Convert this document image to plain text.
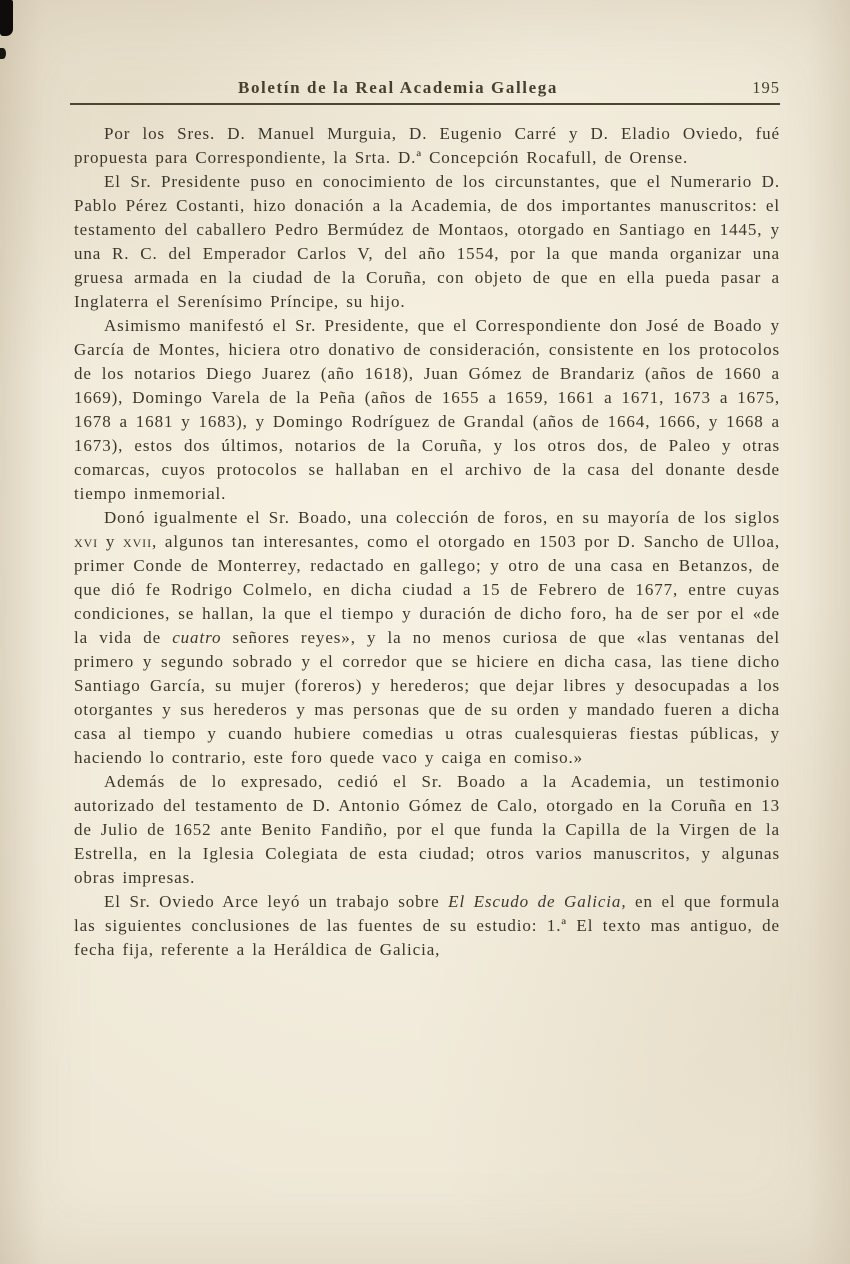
Boletín de la Real Academia Gallega	195

Por los Sres. D. Manuel Murguia, D. Eugenio Carré y D. Eladio Oviedo, fué propuesta para Correspondiente, la Srta. D.ª Concepción Rocafull, de Orense.

El Sr. Presidente puso en conocimiento de los circunstantes, que el Numerario D. Pablo Pérez Costanti, hizo donación a la Academia, de dos importantes manuscritos: el testamento del caballero Pedro Bermúdez de Montaos, otorgado en Santiago en 1445, y una R. C. del Emperador Carlos V, del año 1554, por la que manda organizar una gruesa armada en la ciudad de la Coruña, con objeto de que en ella pueda pasar a Inglaterra el Serenísimo Príncipe, su hijo.

Asimismo manifestó el Sr. Presidente, que el Correspondiente don José de Boado y García de Montes, hiciera otro donativo de consideración, consistente en los protocolos de los notarios Diego Juarez (año 1618), Juan Gómez de Brandariz (años de 1660 a 1669), Domingo Varela de la Peña (años de 1655 a 1659, 1661 a 1671, 1673 a 1675, 1678 a 1681 y 1683), y Domingo Rodríguez de Grandal (años de 1664, 1666, y 1668 a 1673), estos dos últimos, notarios de la Coruña, y los otros dos, de Paleo y otras comarcas, cuyos protocolos se hallaban en el archivo de la casa del donante desde tiempo inmemorial.

Donó igualmente el Sr. Boado, una colección de foros, en su mayoría de los siglos xvi y xvii, algunos tan interesantes, como el otorgado en 1503 por D. Sancho de Ulloa, primer Conde de Monterrey, redactado en gallego; y otro de una casa en Betanzos, de que dió fe Rodrigo Colmelo, en dicha ciudad a 15 de Febrero de 1677, entre cuyas condiciones, se hallan, la que el tiempo y duración de dicho foro, ha de ser por el «de la vida de cuatro señores reyes», y la no menos curiosa de que «las ventanas del primero y segundo sobrado y el corredor que se hiciere en dicha casa, las tiene dicho Santiago García, su mujer (foreros) y herederos; que dejar libres y desocupadas a los otorgantes y sus herederos y mas personas que de su orden y mandado fueren a dicha casa al tiempo y cuando hubiere comedias u otras cualesquieras fiestas públicas, y haciendo lo contrario, este foro quede vaco y caiga en comiso.»

Además de lo expresado, cedió el Sr. Boado a la Academia, un testimonio autorizado del testamento de D. Antonio Gómez de Calo, otorgado en la Coruña en 13 de Julio de 1652 ante Benito Fandiño, por el que funda la Capilla de la Virgen de la Estrella, en la Iglesia Colegiata de esta ciudad; otros varios manuscritos, y algunas obras impresas.

El Sr. Oviedo Arce leyó un trabajo sobre El Escudo de Galicia, en el que formula las siguientes conclusiones de las fuentes de su estudio: 1.ª El texto mas antiguo, de fecha fija, referente a la Heráldica de Galicia,
